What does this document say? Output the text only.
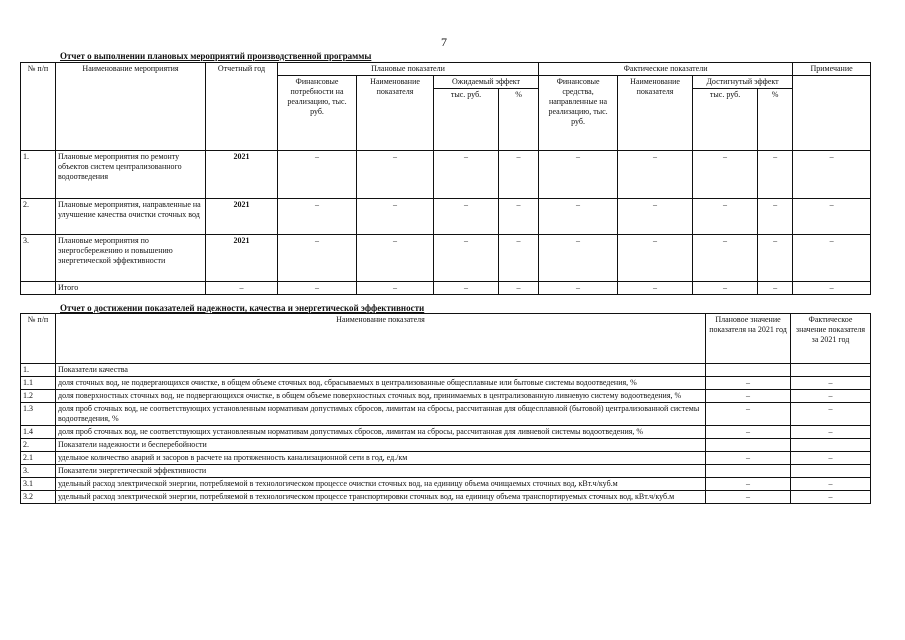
7
Отчет о выполнении плановых мероприятий производственной программы
№ п/п	Наименование мероприятия	Отчетный год	Плановые показатели				Фактические показатели				Примечание
			Финансовые потребности на реализацию, тыс. руб.	Наименование показателя	Ожидаемый эффект		Финансовые средства, направленные на реализацию, тыс. руб.	Наименование показателя	Достигнутый эффект		
					тыс. руб.	%			тыс. руб.	%	
1.	Плановые мероприятия по ремонту объектов систем централизованного водоотведения	2021	–	–	–	–	–	–	–	–	–
2.	Плановые мероприятия, направленные на улучшение качества очистки сточных вод	2021	–	–	–	–	–	–	–	–	–
3.	Плановые мероприятия по энергосбережению и повышению энергетической эффективности	2021	–	–	–	–	–	–	–	–	–
	Итого	–	–	–	–	–	–	–	–	–	–
Отчет о достижении показателей надежности, качества и энергетической эффективности
№ п/п	Наименование показателя	Плановое значение показателя на 2021 год	Фактическое значение показателя за 2021 год
1.	Показатели качества		
1.1	доля сточных вод, не подвергающихся очистке, в общем объеме сточных вод, сбрасываемых в централизованные общесплавные или бытовые системы водоотведения, %	–	–
1.2	доля поверхностных сточных вод, не подвергающихся очистке, в общем объеме поверхностных сточных вод, принимаемых в централизованную ливневую систему водоотведения, %	–	–
1.3	доля проб сточных вод, не соответствующих установленным нормативам допустимых сбросов, лимитам на сбросы, рассчитанная для общесплавной (бытовой) централизованной системы водоотведения, %	–	–
1.4	доля проб сточных вод, не соответствующих установленным нормативам допустимых сбросов, лимитам на сбросы, рассчитанная для ливневой системы водоотведения, %	–	–
2.	Показатели надежности и бесперебойности		
2.1	удельное количество аварий и засоров в расчете на протяженность канализационной сети в год, ед./км	–	–
3.	Показатели энергетической эффективности		
3.1	удельный расход электрической энергии, потребляемой в технологическом процессе очистки сточных вод, на единицу объема очищаемых сточных вод, кВт.ч/куб.м	–	–
3.2	удельный расход электрической энергии, потребляемой в технологическом процессе транспортировки сточных вод, на единицу объема транспортируемых сточных вод, кВт.ч/куб.м	–	–
